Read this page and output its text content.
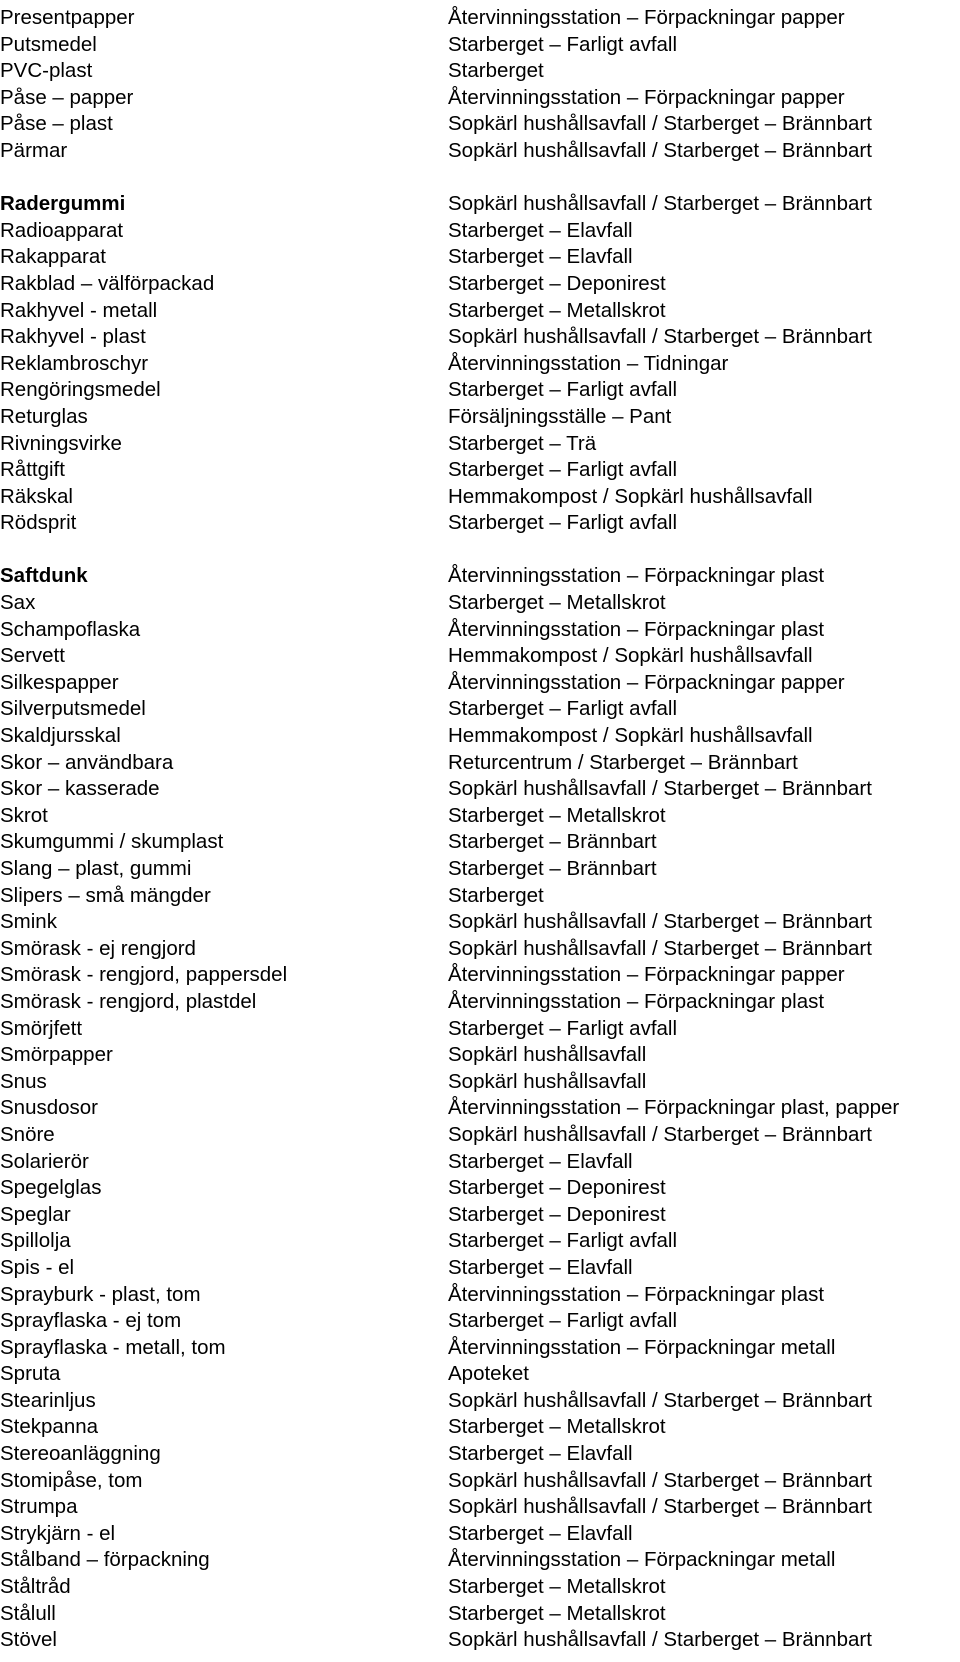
Presentpapper	Återvinningsstation – Förpackningar papper
Putsmedel	Starberget – Farligt avfall
PVC-plast	Starberget
Påse – papper	Återvinningsstation – Förpackningar papper
Påse – plast	Sopkärl hushållsavfall / Starberget – Brännbart
Pärmar	Sopkärl hushållsavfall / Starberget – Brännbart
Radergummi	Sopkärl hushållsavfall / Starberget – Brännbart
Radioapparat	Starberget – Elavfall
Rakapparat	Starberget – Elavfall
Rakblad – välförpackad	Starberget – Deponirest
Rakhyvel - metall	Starberget – Metallskrot
Rakhyvel - plast	Sopkärl hushållsavfall / Starberget – Brännbart
Reklambroschyr	Återvinningsstation – Tidningar
Rengöringsmedel	Starberget – Farligt avfall
Returglas	Försäljningsställe – Pant
Rivningsvirke	Starberget – Trä
Råttgift	Starberget – Farligt avfall
Räkskal	Hemmakompost / Sopkärl hushållsavfall
Rödsprit	Starberget – Farligt avfall
Saftdunk	Återvinningsstation – Förpackningar plast
Sax	Starberget – Metallskrot
Schampoflaska	Återvinningsstation – Förpackningar plast
Servett	Hemmakompost / Sopkärl hushållsavfall
Silkespapper	Återvinningsstation – Förpackningar papper
Silverputsmedel	Starberget – Farligt avfall
Skaldjursskal	Hemmakompost / Sopkärl hushållsavfall
Skor – användbara	Returcentrum / Starberget – Brännbart
Skor – kasserade	Sopkärl hushållsavfall / Starberget – Brännbart
Skrot	Starberget – Metallskrot
Skumgummi / skumplast	Starberget – Brännbart
Slang – plast, gummi	Starberget – Brännbart
Slipers – små mängder	Starberget
Smink	Sopkärl hushållsavfall / Starberget – Brännbart
Smörask - ej rengjord	Sopkärl hushållsavfall / Starberget – Brännbart
Smörask - rengjord, pappersdel	Återvinningsstation – Förpackningar papper
Smörask - rengjord, plastdel	Återvinningsstation – Förpackningar plast
Smörjfett	Starberget – Farligt avfall
Smörpapper	Sopkärl hushållsavfall
Snus	Sopkärl hushållsavfall
Snusdosor	Återvinningsstation – Förpackningar plast, papper
Snöre	Sopkärl hushållsavfall / Starberget – Brännbart
Solarierör	Starberget – Elavfall
Spegelglas	Starberget – Deponirest
Speglar	Starberget – Deponirest
Spillolja	Starberget – Farligt avfall
Spis - el	Starberget – Elavfall
Sprayburk - plast, tom	Återvinningsstation – Förpackningar plast
Sprayflaska - ej tom	Starberget – Farligt avfall
Sprayflaska - metall, tom	Återvinningsstation – Förpackningar metall
Spruta	Apoteket
Stearinljus	Sopkärl hushållsavfall / Starberget – Brännbart
Stekpanna	Starberget – Metallskrot
Stereoanläggning	Starberget – Elavfall
Stomipåse, tom	Sopkärl hushållsavfall / Starberget – Brännbart
Strumpa	Sopkärl hushållsavfall / Starberget – Brännbart
Strykjärn - el	Starberget – Elavfall
Stålband – förpackning	Återvinningsstation – Förpackningar metall
Ståltråd	Starberget – Metallskrot
Stålull	Starberget – Metallskrot
Stövel	Sopkärl hushållsavfall / Starberget – Brännbart
